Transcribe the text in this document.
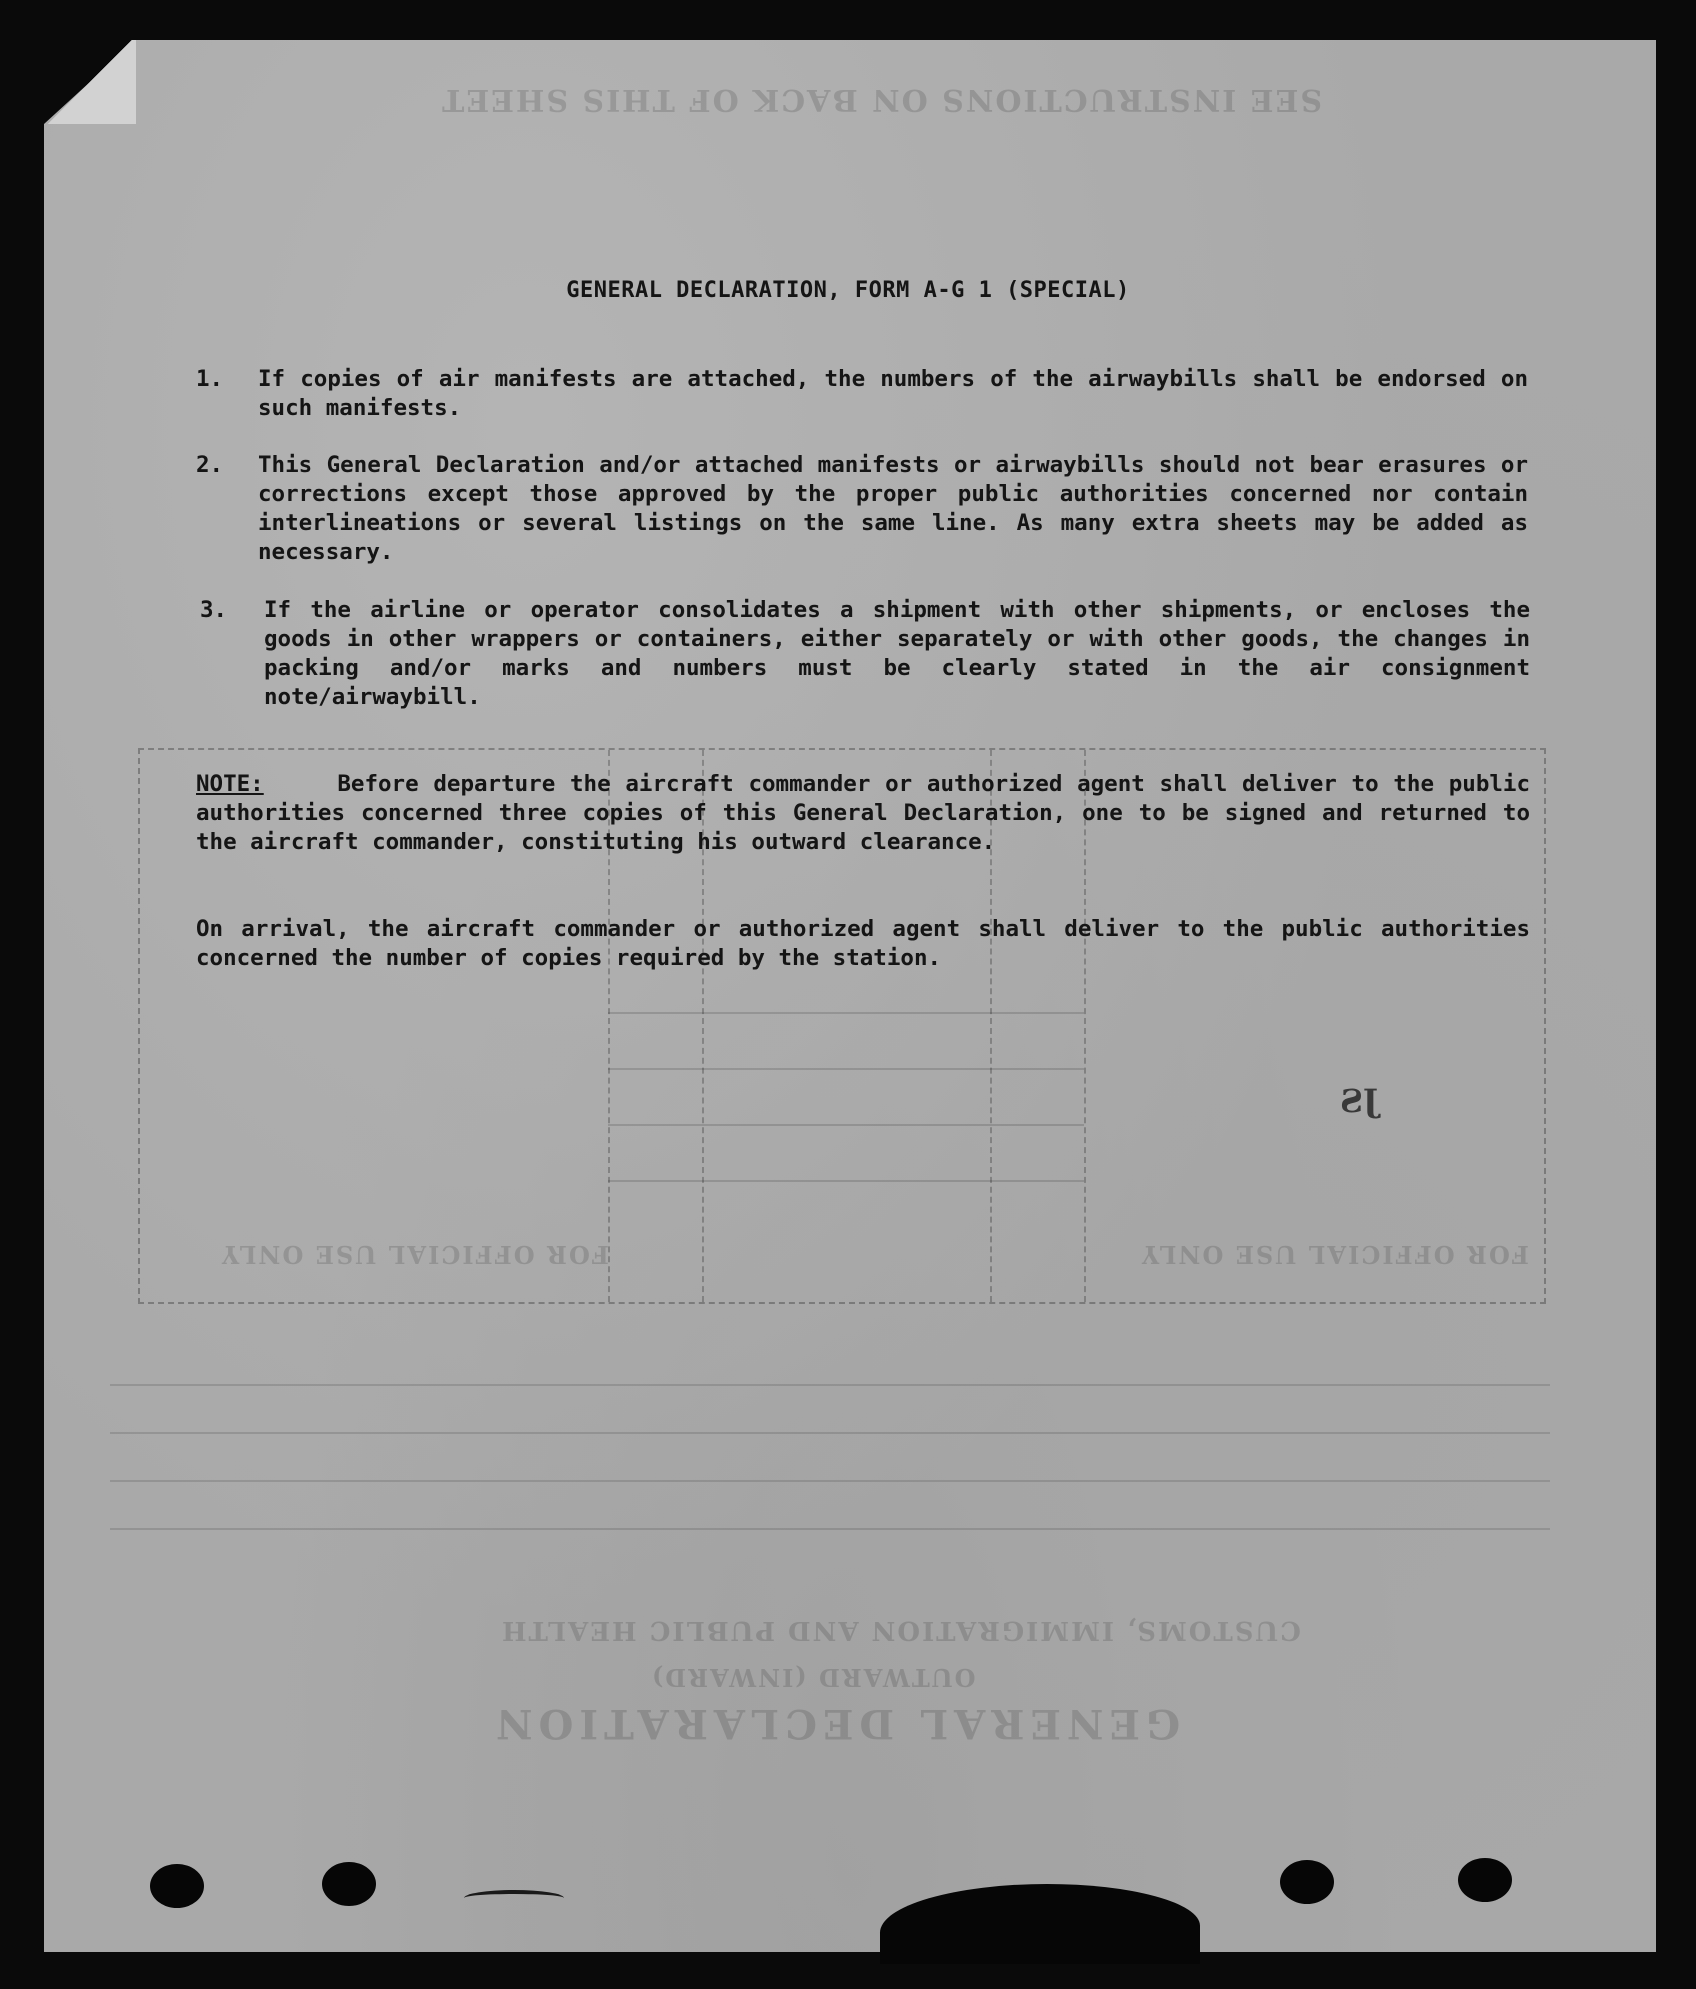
SEE INSTRUCTIONS ON BACK OF THIS SHEET
CUSTOMS, IMMIGRATION AND PUBLIC HEALTH
OUTWARD (INWARD)
GENERAL DECLARATION
FOR OFFICIAL USE ONLY	FOR OFFICIAL USE ONLY
GENERAL DECLARATION, FORM A-G 1 (SPECIAL)
1. If copies of air manifests are attached, the numbers of the airwaybills shall be endorsed on such manifests.
2. This General Declaration and/or attached manifests or airwaybills should not bear erasures or corrections except those approved by the proper public authorities concerned nor contain interlineations or several listings on the same line. As many extra sheets may be added as necessary.
3. If the airline or operator consolidates a shipment with other shipments, or encloses the goods in other wrappers or containers, either separately or with other goods, the changes in packing and/or marks and numbers must be clearly stated in the air consignment note/airwaybill.
NOTE:	Before departure the aircraft commander or authorized agent shall deliver to the public authorities concerned three copies of this General Declaration, one to be signed and returned to the aircraft commander, constituting his outward clearance.
On arrival, the aircraft commander or authorized agent shall deliver to the public authorities concerned the number of copies required by the station.
JS
